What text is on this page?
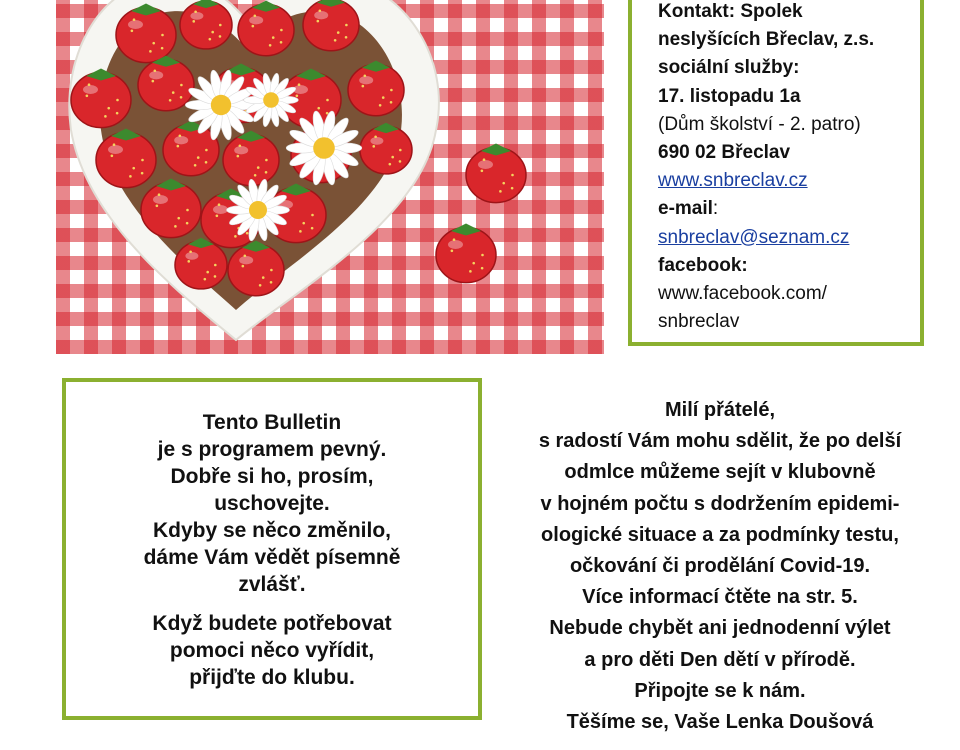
Kontakt: Spolek
neslyšících Břeclav, z.s.
sociální služby:
17. listopadu 1a
(Dům školství - 2. patro)
690 02 Břeclav
www.snbreclav.cz
e-mail:
snbreclav@seznam.cz
facebook:
www.facebook.com/
snbreclav
Tento Bulletin
je s programem pevný.
Dobře si ho, prosím,
uschovejte.
Kdyby se něco změnilo,
dáme Vám vědět písemně
zvlášť.
Když budete potřebovat
pomoci něco vyřídit,
přijďte do klubu.
Milí přátelé,
s radostí Vám mohu sdělit, že po delší
odmlce můžeme sejít v klubovně
v hojném počtu s dodržením epidemi-
ologické situace a za podmínky testu,
očkování či prodělání Covid-19.
Více informací čtěte na str. 5.
Nebude chybět ani jednodenní výlet
a pro děti Den dětí v přírodě.
Připojte se k nám.
Těšíme se, Vaše Lenka Doušová
